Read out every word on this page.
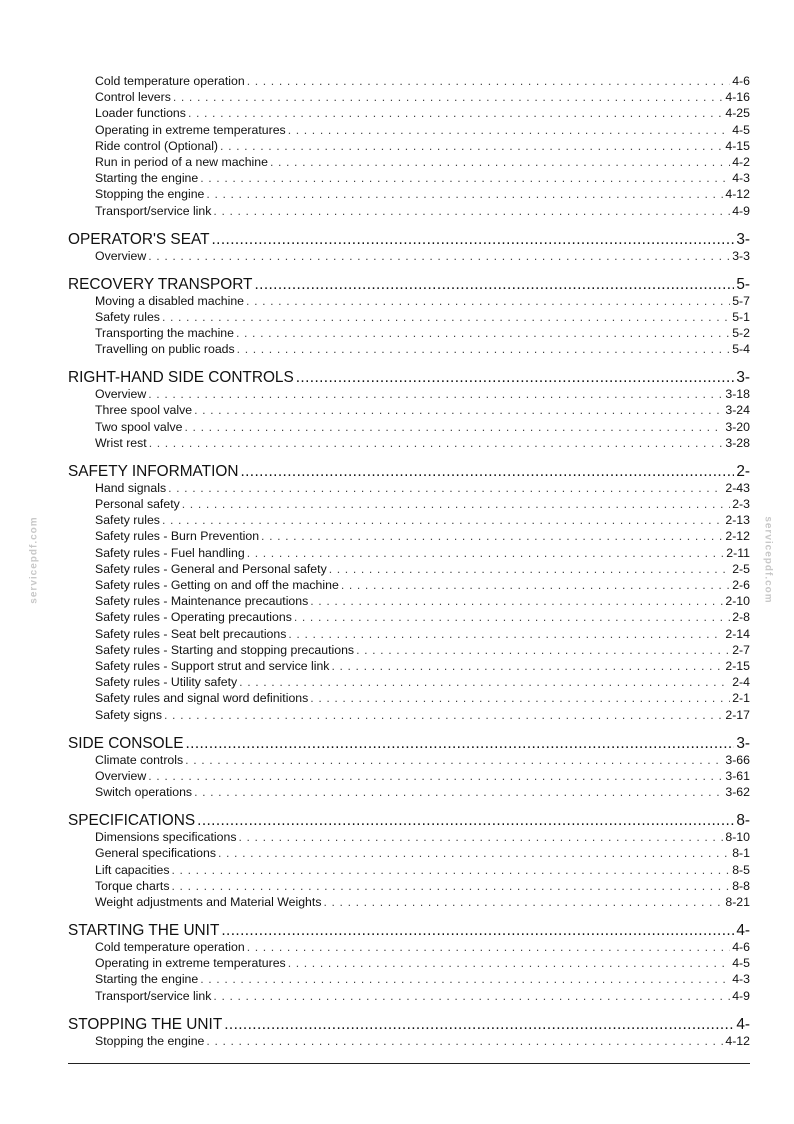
servicepdf.com	servicepdf.com
Cold temperature operation . . .	4-6
Control levers . . .	4-16
Loader functions . . .	4-25
Operating in extreme temperatures . . .	4-5
Ride control (Optional) . . .	4-15
Run in period of a new machine . . .	4-2
Starting the engine . . .	4-3
Stopping the engine . . .	4-12
Transport/service link . . .	4-9
OPERATOR'S SEAT .....	3-
Overview . . .	3-3
RECOVERY TRANSPORT .....	5-
Moving a disabled machine . . .	5-7
Safety rules . . .	5-1
Transporting the machine . . .	5-2
Travelling on public roads . . .	5-4
RIGHT-HAND SIDE CONTROLS .....	3-
Overview . . .	3-18
Three spool valve . . .	3-24
Two spool valve . . .	3-20
Wrist rest . . .	3-28
SAFETY INFORMATION .....	2-
Hand signals . . .	2-43
Personal safety . . .	2-3
Safety rules . . .	2-13
Safety rules - Burn Prevention . . .	2-12
Safety rules - Fuel handling . . .	2-11
Safety rules - General and Personal safety . . .	2-5
Safety rules - Getting on and off the machine . . .	2-6
Safety rules - Maintenance precautions . . .	2-10
Safety rules - Operating precautions . . .	2-8
Safety rules - Seat belt precautions . . .	2-14
Safety rules - Starting and stopping precautions . . .	2-7
Safety rules - Support strut and service link . . .	2-15
Safety rules - Utility safety . . .	2-4
Safety rules and signal word definitions . . .	2-1
Safety signs . . .	2-17
SIDE CONSOLE .....	3-
Climate controls . . .	3-66
Overview . . .	3-61
Switch operations . . .	3-62
SPECIFICATIONS .....	8-
Dimensions specifications . . .	8-10
General specifications . . .	8-1
Lift capacities . . .	8-5
Torque charts . . .	8-8
Weight adjustments and Material Weights . . .	8-21
STARTING THE UNIT .....	4-
Cold temperature operation . . .	4-6
Operating in extreme temperatures . . .	4-5
Starting the engine . . .	4-3
Transport/service link . . .	4-9
STOPPING THE UNIT .....	4-
Stopping the engine . . .	4-12
